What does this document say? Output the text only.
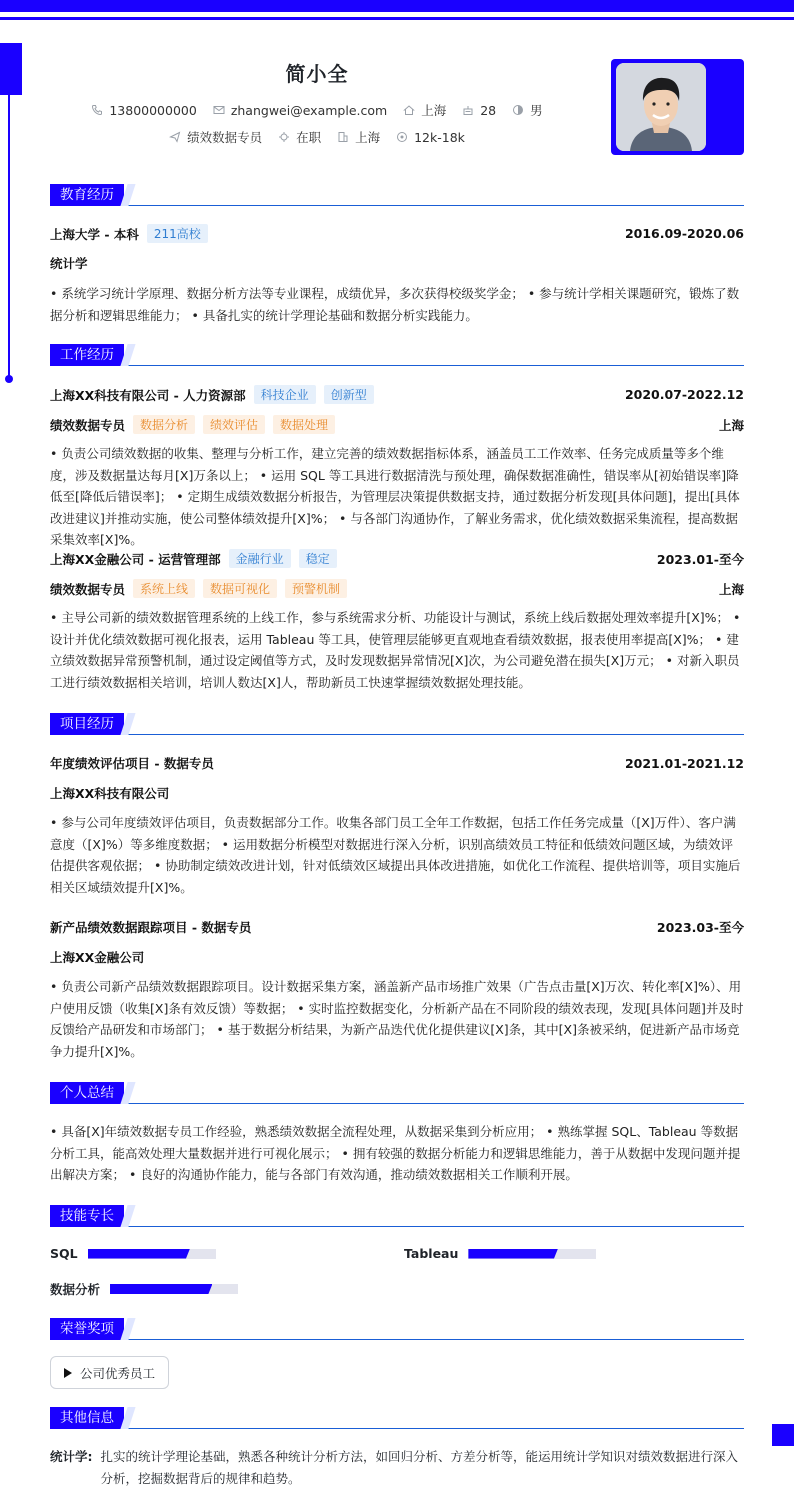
简小全
13800000000	zhangwei@example.com	上海	28	男
绩效数据专员	在职	上海	12k-18k
教育经历
上海大学 - 本科	211高校	2016.09-2020.06
统计学
• 系统学习统计学原理、数据分析方法等专业课程，成绩优异，多次获得校级奖学金； • 参与统计学相关课题研究，锻炼了数据分析和逻辑思维能力； • 具备扎实的统计学理论基础和数据分析实践能力。
工作经历
上海XX科技有限公司 - 人力资源部	科技企业	创新型	2020.07-2022.12
绩效数据专员	数据分析	绩效评估	数据处理	上海
• 负责公司绩效数据的收集、整理与分析工作，建立完善的绩效数据指标体系，涵盖员工工作效率、任务完成质量等多个维度，涉及数据量达每月[X]万条以上； • 运用 SQL 等工具进行数据清洗与预处理，确保数据准确性，错误率从[初始错误率]降低至[降低后错误率]； • 定期生成绩效数据分析报告，为管理层决策提供数据支持，通过数据分析发现[具体问题]，提出[具体改进建议]并推动实施，使公司整体绩效提升[X]%； • 与各部门沟通协作，了解业务需求，优化绩效数据采集流程，提高数据采集效率[X]%。
上海XX金融公司 - 运营管理部	金融行业	稳定	2023.01-至今
绩效数据专员	系统上线	数据可视化	预警机制	上海
• 主导公司新的绩效数据管理系统的上线工作，参与系统需求分析、功能设计与测试，系统上线后数据处理效率提升[X]%； • 设计并优化绩效数据可视化报表，运用 Tableau 等工具，使管理层能够更直观地查看绩效数据，报表使用率提高[X]%； • 建立绩效数据异常预警机制，通过设定阈值等方式，及时发现数据异常情况[X]次，为公司避免潜在损失[X]万元； • 对新入职员工进行绩效数据相关培训，培训人数达[X]人，帮助新员工快速掌握绩效数据处理技能。
项目经历
年度绩效评估项目 - 数据专员	2021.01-2021.12
上海XX科技有限公司
• 参与公司年度绩效评估项目，负责数据部分工作。收集各部门员工全年工作数据，包括工作任务完成量（[X]万件）、客户满意度（[X]%）等多维度数据； • 运用数据分析模型对数据进行深入分析，识别高绩效员工特征和低绩效问题区域，为绩效评估提供客观依据； • 协助制定绩效改进计划，针对低绩效区域提出具体改进措施，如优化工作流程、提供培训等，项目实施后相关区域绩效提升[X]%。
新产品绩效数据跟踪项目 - 数据专员	2023.03-至今
上海XX金融公司
• 负责公司新产品绩效数据跟踪项目。设计数据采集方案，涵盖新产品市场推广效果（广告点击量[X]万次、转化率[X]%）、用户使用反馈（收集[X]条有效反馈）等数据； • 实时监控数据变化，分析新产品在不同阶段的绩效表现，发现[具体问题]并及时反馈给产品研发和市场部门； • 基于数据分析结果，为新产品迭代优化提供建议[X]条，其中[X]条被采纳，促进新产品市场竞争力提升[X]%。
个人总结
• 具备[X]年绩效数据专员工作经验，熟悉绩效数据全流程处理，从数据采集到分析应用； • 熟练掌握 SQL、Tableau 等数据分析工具，能高效处理大量数据并进行可视化展示； • 拥有较强的数据分析能力和逻辑思维能力，善于从数据中发现问题并提出解决方案； • 良好的沟通协作能力，能与各部门有效沟通，推动绩效数据相关工作顺利开展。
技能专长
SQL	Tableau
数据分析
荣誉奖项
公司优秀员工
其他信息
统计学: 扎实的统计学理论基础，熟悉各种统计分析方法，如回归分析、方差分析等，能运用统计学知识对绩效数据进行深入分析，挖掘数据背后的规律和趋势。
